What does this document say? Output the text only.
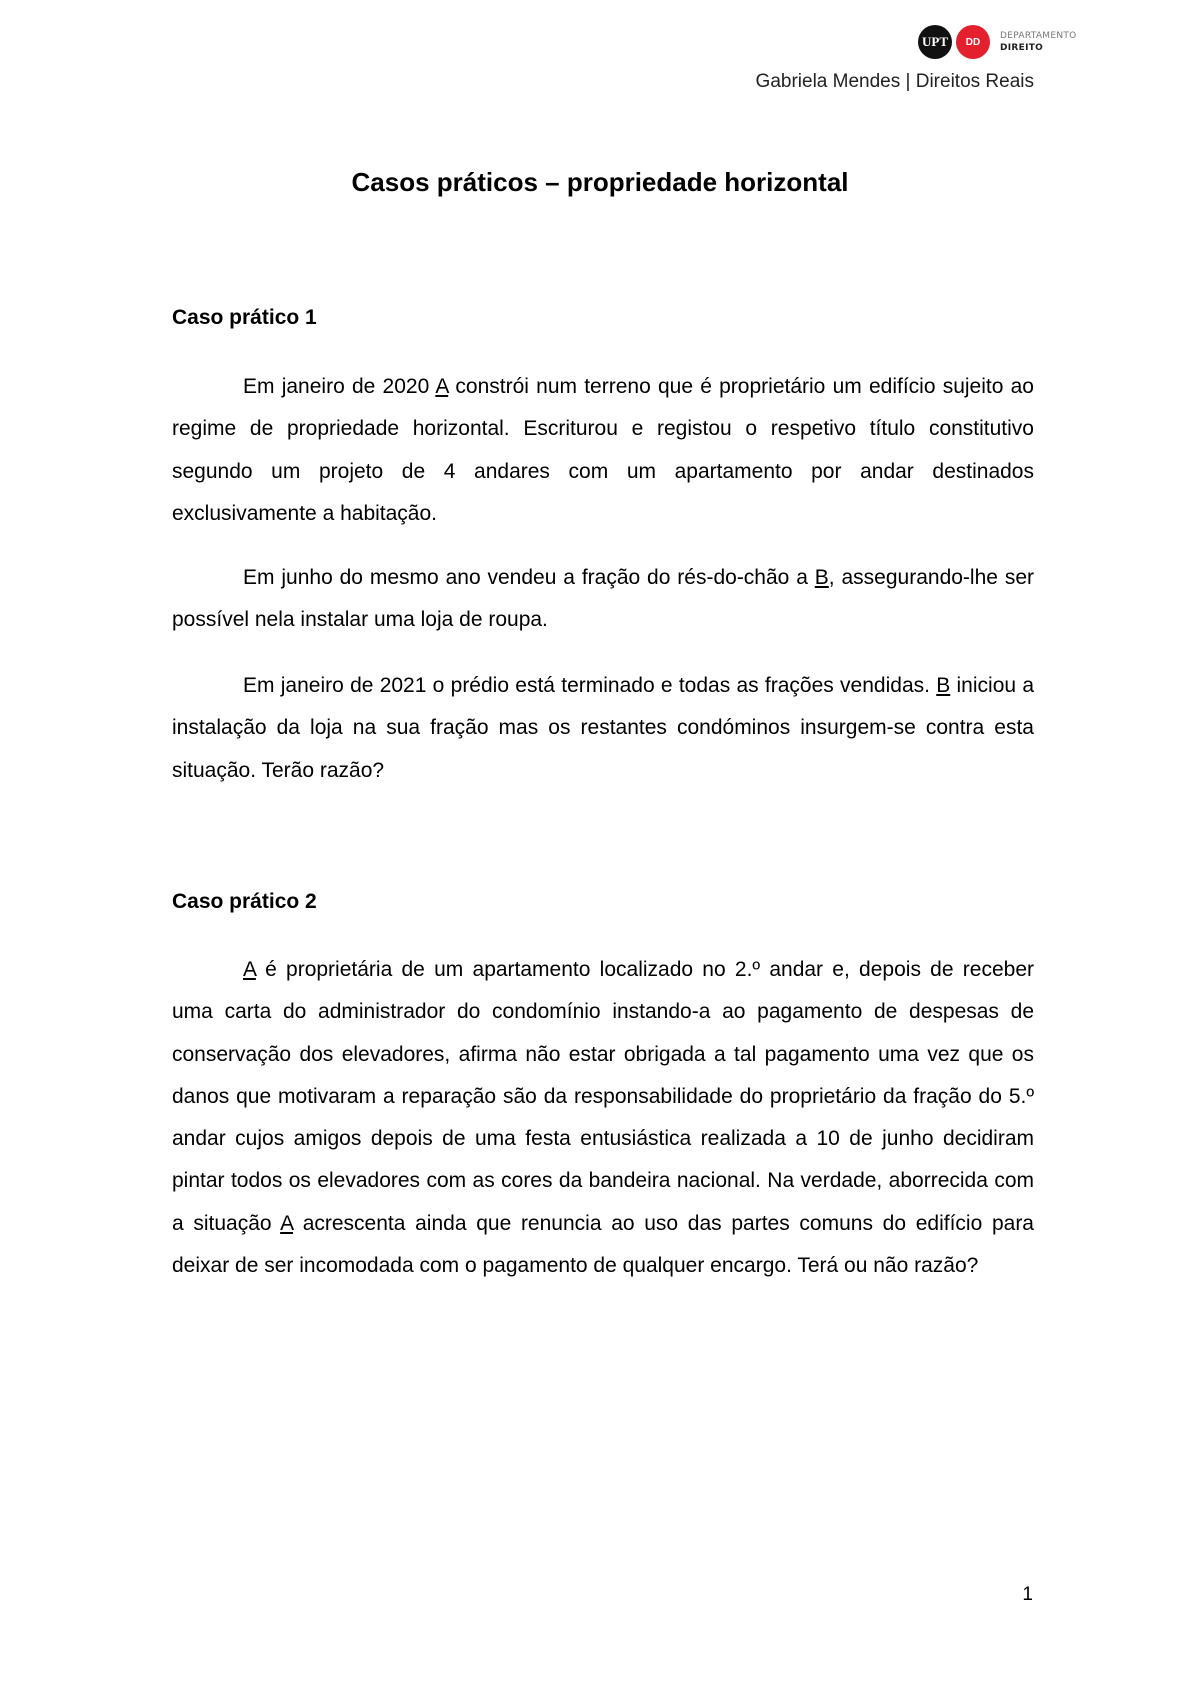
UPT	DD
DEPARTAMENTO
DIREITO
Gabriela Mendes | Direitos Reais
Casos práticos – propriedade horizontal
Caso prático 1

Em janeiro de 2020 A constrói num terreno que é proprietário um edifício sujeito ao regime de propriedade horizontal. Escriturou e registou o respetivo título constitutivo segundo um projeto de 4 andares com um apartamento por andar destinados exclusivamente a habitação.

Em junho do mesmo ano vendeu a fração do rés-do-chão a B, assegurando-lhe ser possível nela instalar uma loja de roupa.

Em janeiro de 2021 o prédio está terminado e todas as frações vendidas. B iniciou a instalação da loja na sua fração mas os restantes condóminos insurgem-se contra esta situação. Terão razão?

Caso prático 2

A é proprietária de um apartamento localizado no 2.º andar e, depois de receber uma carta do administrador do condomínio instando-a ao pagamento de despesas de conservação dos elevadores, afirma não estar obrigada a tal pagamento uma vez que os danos que motivaram a reparação são da responsabilidade do proprietário da fração do 5.º andar cujos amigos depois de uma festa entusiástica realizada a 10 de junho decidiram pintar todos os elevadores com as cores da bandeira nacional. Na verdade, aborrecida com a situação A acrescenta ainda que renuncia ao uso das partes comuns do edifício para deixar de ser incomodada com o pagamento de qualquer encargo. Terá ou não razão?

1
